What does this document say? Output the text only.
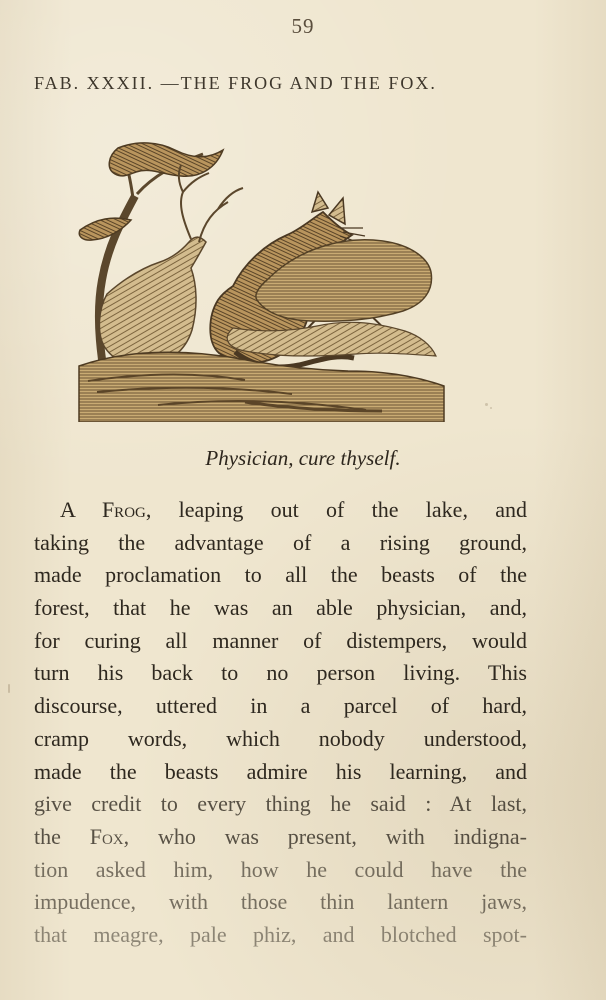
59
FAB. XXXII. —THE FROG AND THE FOX.
Physician, cure thyself.
A Frog, leaping out of the lake, and
taking the advantage of a rising ground,
made proclamation to all the beasts of the
forest, that he was an able physician, and,
for curing all manner of distempers, would
turn his back to no person living. This
discourse, uttered in a parcel of hard,
cramp words, which nobody understood,
made the beasts admire his learning, and
give credit to every thing he said : At last,
the Fox, who was present, with indigna-
tion asked him, how he could have the
impudence, with those thin lantern jaws,
that meagre, pale phiz, and blotched spot-
